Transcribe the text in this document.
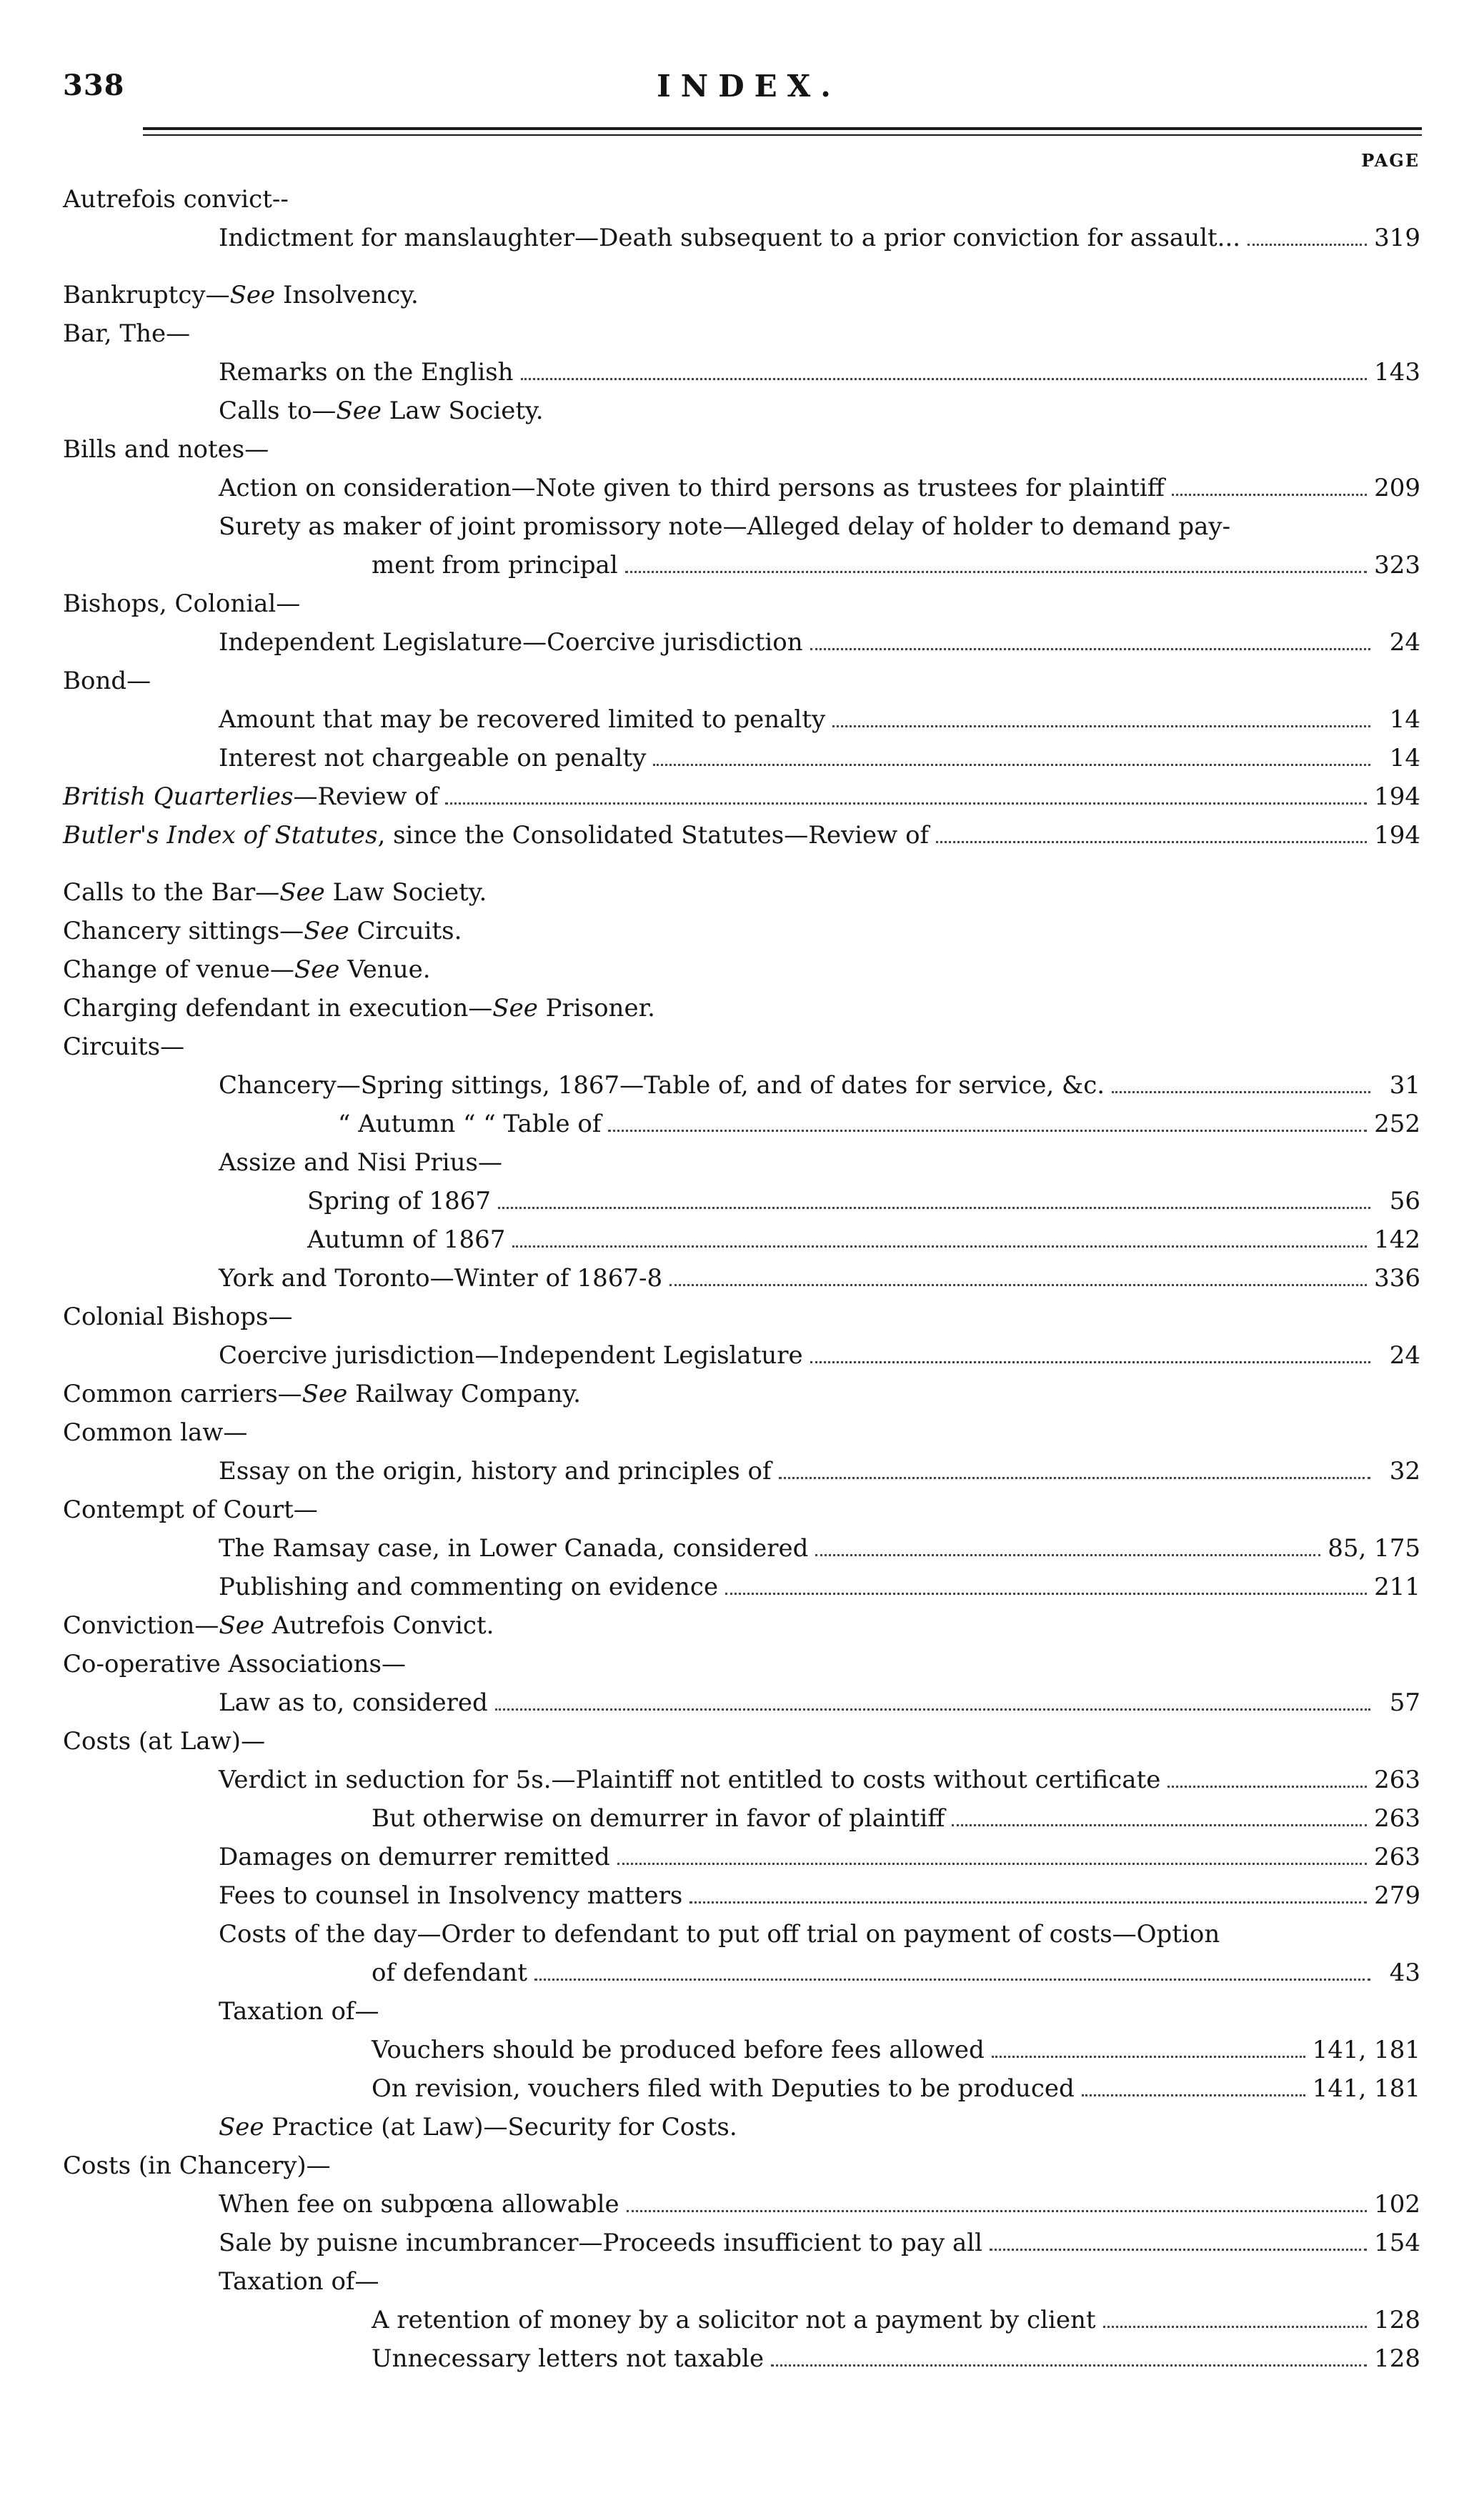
338	INDEX.
PAGE
Autrefois convict--
Indictment for manslaughter—Death subsequent to a prior conviction for assault...	319
Bankruptcy—See Insolvency.
Bar, The—
Remarks on the English	143
Calls to—See Law Society.
Bills and notes—
Action on consideration—Note given to third persons as trustees for plaintiff	209
Surety as maker of joint promissory note—Alleged delay of holder to demand pay-
ment from principal	323
Bishops, Colonial—
Independent Legislature—Coercive jurisdiction	24
Bond—
Amount that may be recovered limited to penalty	14
Interest not chargeable on penalty	14
British Quarterlies—Review of	194
Butler's Index of Statutes, since the Consolidated Statutes—Review of	194
Calls to the Bar—See Law Society.
Chancery sittings—See Circuits.
Change of venue—See Venue.
Charging defendant in execution—See Prisoner.
Circuits—
Chancery—Spring sittings, 1867—Table of, and of dates for service, &c.	31
“ Autumn “ “ Table of	252
Assize and Nisi Prius—
Spring of 1867	56
Autumn of 1867	142
York and Toronto—Winter of 1867-8	336
Colonial Bishops—
Coercive jurisdiction—Independent Legislature	24
Common carriers—See Railway Company.
Common law—
Essay on the origin, history and principles of	32
Contempt of Court—
The Ramsay case, in Lower Canada, considered	85, 175
Publishing and commenting on evidence	211
Conviction—See Autrefois Convict.
Co-operative Associations—
Law as to, considered	57
Costs (at Law)—
Verdict in seduction for 5s.—Plaintiff not entitled to costs without certificate	263
But otherwise on demurrer in favor of plaintiff	263
Damages on demurrer remitted	263
Fees to counsel in Insolvency matters	279
Costs of the day—Order to defendant to put off trial on payment of costs—Option
of defendant	43
Taxation of—
Vouchers should be produced before fees allowed	141, 181
On revision, vouchers filed with Deputies to be produced	141, 181
See Practice (at Law)—Security for Costs.
Costs (in Chancery)—
When fee on subpœna allowable	102
Sale by puisne incumbrancer—Proceeds insufficient to pay all	154
Taxation of—
A retention of money by a solicitor not a payment by client	128
Unnecessary letters not taxable	128
